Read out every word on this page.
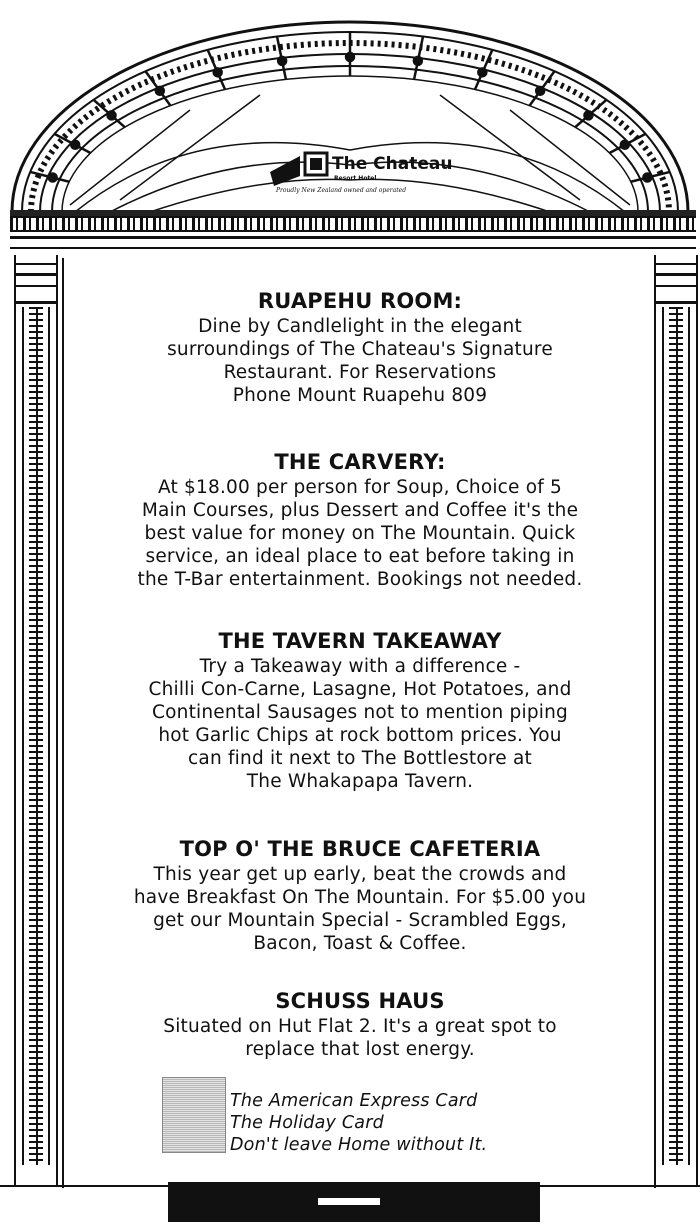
The Chateau
Resort Hotel
Proudly New Zealand owned and operated
RUAPEHU ROOM:
Dine by Candlelight in the elegant
surroundings of The Chateau's Signature
Restaurant. For Reservations
Phone Mount Ruapehu 809
THE CARVERY:
At $18.00 per person for Soup, Choice of 5
Main Courses, plus Dessert and Coffee it's the
best value for money on The Mountain. Quick
service, an ideal place to eat before taking in
the T-Bar entertainment. Bookings not needed.
THE TAVERN TAKEAWAY
Try a Takeaway with a difference -
Chilli Con-Carne, Lasagne, Hot Potatoes, and
Continental Sausages not to mention piping
hot Garlic Chips at rock bottom prices. You
can find it next to The Bottlestore at
The Whakapapa Tavern.
TOP O' THE BRUCE CAFETERIA
This year get up early, beat the crowds and
have Breakfast On The Mountain. For $5.00 you
get our Mountain Special - Scrambled Eggs,
Bacon, Toast & Coffee.
SCHUSS HAUS
Situated on Hut Flat 2. It's a great spot to
replace that lost energy.
The American Express Card
The Holiday Card
Don't leave Home without It.
